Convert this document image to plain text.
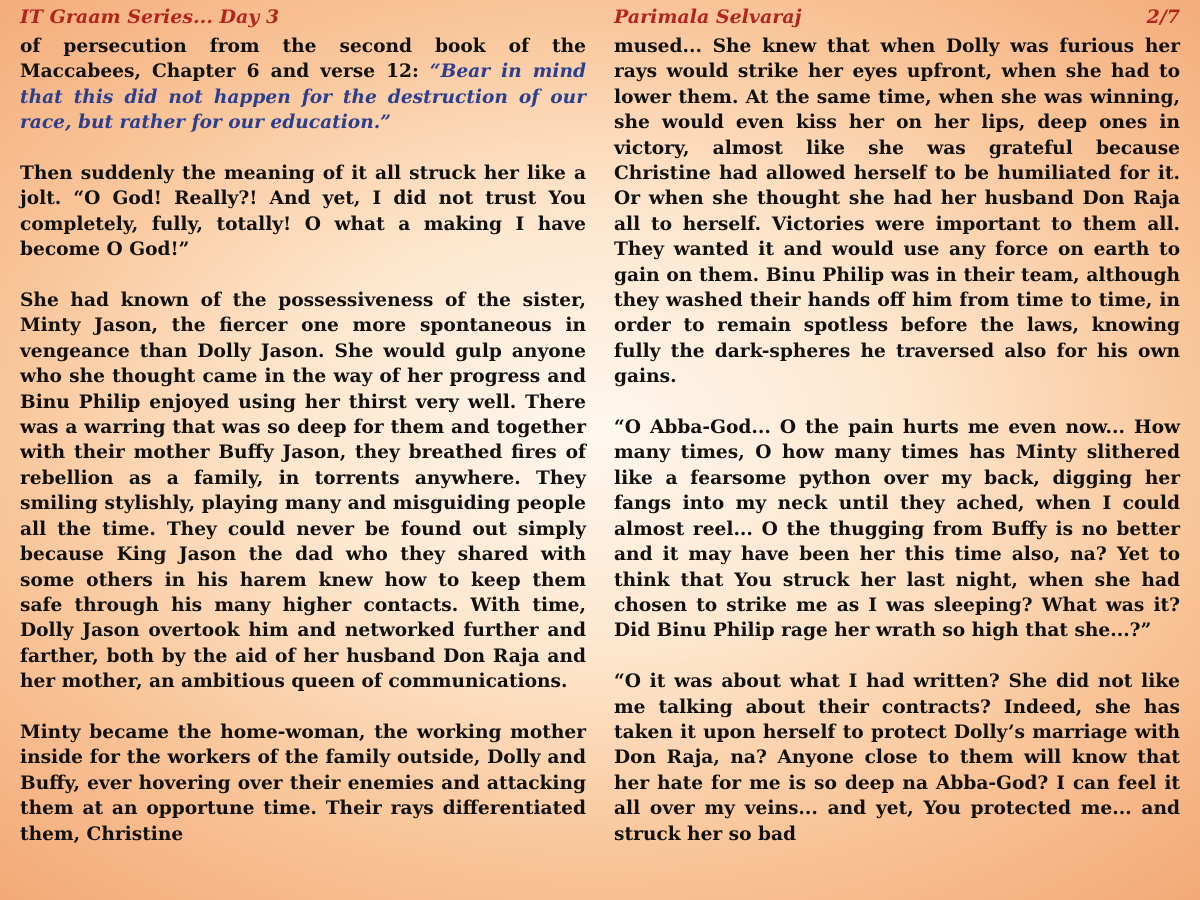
IT Graam Series... Day 3	Parimala Selvaraj	2/7

of persecution from the second book of the Maccabees, Chapter 6 and verse 12: “Bear in mind that this did not happen for the destruction of our race, but rather for our education.”

Then suddenly the meaning of it all struck her like a jolt. “O God! Really?! And yet, I did not trust You completely, fully, totally! O what a making I have become O God!”

She had known of the possessiveness of the sister, Minty Jason, the fiercer one more spontaneous in vengeance than Dolly Jason. She would gulp anyone who she thought came in the way of her progress and Binu Philip enjoyed using her thirst very well. There was a warring that was so deep for them and together with their mother Buffy Jason, they breathed fires of rebellion as a family, in torrents anywhere. They smiling stylishly, playing many and misguiding people all the time. They could never be found out simply because King Jason the dad who they shared with some others in his harem knew how to keep them safe through his many higher contacts. With time, Dolly Jason overtook him and networked further and farther, both by the aid of her husband Don Raja and her mother, an ambitious queen of communications.

Minty became the home-woman, the working mother inside for the workers of the family outside, Dolly and Buffy, ever hovering over their enemies and attacking them at an opportune time. Their rays differentiated them, Christine

mused... She knew that when Dolly was furious her rays would strike her eyes upfront, when she had to lower them. At the same time, when she was winning, she would even kiss her on her lips, deep ones in victory, almost like she was grateful because Christine had allowed herself to be humiliated for it. Or when she thought she had her husband Don Raja all to herself. Victories were important to them all. They wanted it and would use any force on earth to gain on them. Binu Philip was in their team, although they washed their hands off him from time to time, in order to remain spotless before the laws, knowing fully the dark-spheres he traversed also for his own gains.

“O Abba-God... O the pain hurts me even now... How many times, O how many times has Minty slithered like a fearsome python over my back, digging her fangs into my neck until they ached, when I could almost reel... O the thugging from Buffy is no better and it may have been her this time also, na? Yet to think that You struck her last night, when she had chosen to strike me as I was sleeping? What was it? Did Binu Philip rage her wrath so high that she...?”

“O it was about what I had written? She did not like me talking about their contracts? Indeed, she has taken it upon herself to protect Dolly’s marriage with Don Raja, na? Anyone close to them will know that her hate for me is so deep na Abba-God? I can feel it all over my veins... and yet, You protected me... and struck her so bad
